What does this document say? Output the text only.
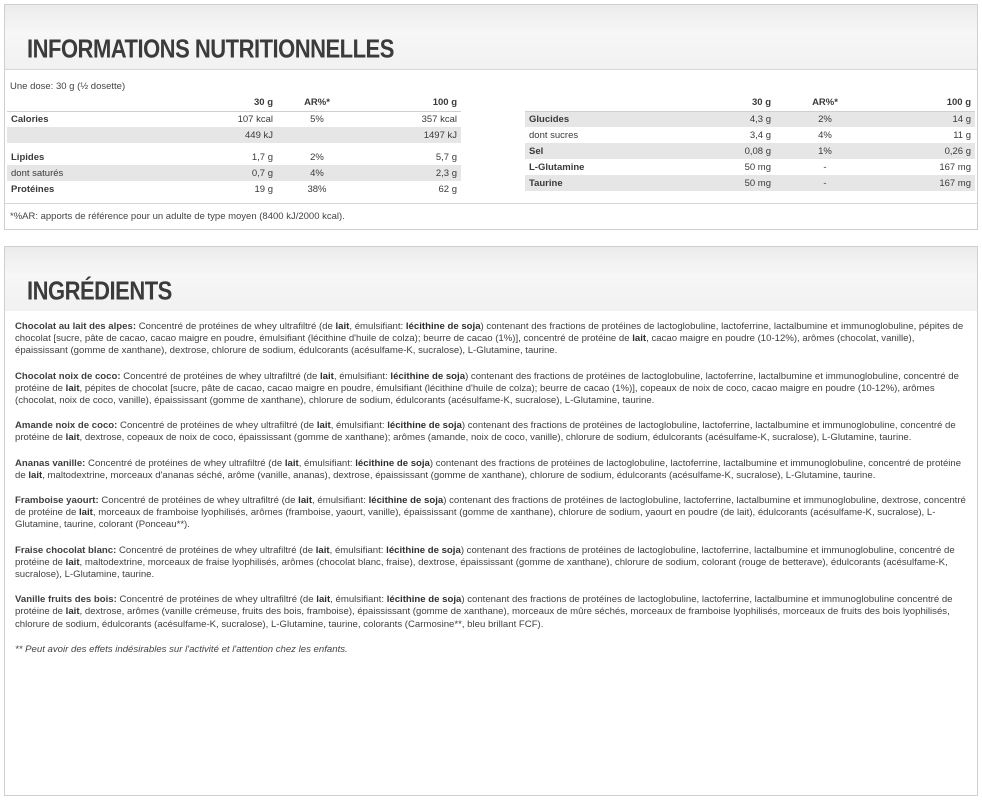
INFORMATIONS NUTRITIONNELLES
Une dose: 30 g (½ dosette)
	30 g	AR%*	100 g
Calories	107 kcal	5%	357 kcal
	449 kJ		1497 kJ

Lipides	1,7 g	2%	5,7 g
dont saturés	0,7 g	4%	2,3 g
Protéines	19 g	38%	62 g
	30 g	AR%*	100 g
Glucides	4,3 g	2%	14 g
dont sucres	3,4 g	4%	11 g
Sel	0,08 g	1%	0,26 g
L-Glutamine	50 mg	-	167 mg
Taurine	50 mg	-	167 mg
*%AR: apports de référence pour un adulte de type moyen (8400 kJ/2000 kcal).
INGRÉDIENTS

Chocolat au lait des alpes: Concentré de protéines de whey ultrafiltré (de lait, émulsifiant: lécithine de soja) contenant des fractions de protéines de lactoglobuline, lactoferrine, lactalbumine et immunoglobuline, pépites de chocolat [sucre, pâte de cacao, cacao maigre en poudre, émulsifiant (lécithine d'huile de colza); beurre de cacao (1%)], concentré de protéine de lait, cacao maigre en poudre (10-12%), arômes (chocolat, vanille), épaississant (gomme de xanthane), dextrose, chlorure de sodium, édulcorants (acésulfame-K, sucralose), L-Glutamine, taurine.

Chocolat noix de coco: Concentré de protéines de whey ultrafiltré (de lait, émulsifiant: lécithine de soja) contenant des fractions de protéines de lactoglobuline, lactoferrine, lactalbumine et immunoglobuline, concentré de protéine de lait, pépites de chocolat [sucre, pâte de cacao, cacao maigre en poudre, émulsifiant (lécithine d'huile de colza); beurre de cacao (1%)], copeaux de noix de coco, cacao maigre en poudre (10-12%), arômes (chocolat, noix de coco, vanille), épaississant (gomme de xanthane), chlorure de sodium, édulcorants (acésulfame-K, sucralose), L-Glutamine, taurine.

Amande noix de coco: Concentré de protéines de whey ultrafiltré (de lait, émulsifiant: lécithine de soja) contenant des fractions de protéines de lactoglobuline, lactoferrine, lactalbumine et immunoglobuline, concentré de protéine de lait, dextrose, copeaux de noix de coco, épaississant (gomme de xanthane); arômes (amande, noix de coco, vanille), chlorure de sodium, édulcorants (acésulfame-K, sucralose), L-Glutamine, taurine.

Ananas vanille: Concentré de protéines de whey ultrafiltré (de lait, émulsifiant: lécithine de soja) contenant des fractions de protéines de lactoglobuline, lactoferrine, lactalbumine et immunoglobuline, concentré de protéine de lait, maltodextrine, morceaux d'ananas séché, arôme (vanille, ananas), dextrose, épaississant (gomme de xanthane), chlorure de sodium, édulcorants (acésulfame-K, sucralose), L-Glutamine, taurine.

Framboise yaourt: Concentré de protéines de whey ultrafiltré (de lait, émulsifiant: lécithine de soja) contenant des fractions de protéines de lactoglobuline, lactoferrine, lactalbumine et immunoglobuline, dextrose, concentré de protéine de lait, morceaux de framboise lyophilisés, arômes (framboise, yaourt, vanille), épaississant (gomme de xanthane), chlorure de sodium, yaourt en poudre (de lait), édulcorants (acésulfame-K, sucralose), L-Glutamine, taurine, colorant (Ponceau**).

Fraise chocolat blanc: Concentré de protéines de whey ultrafiltré (de lait, émulsifiant: lécithine de soja) contenant des fractions de protéines de lactoglobuline, lactoferrine, lactalbumine et immunoglobuline, concentré de protéine de lait, maltodextrine, morceaux de fraise lyophilisés, arômes (chocolat blanc, fraise), dextrose, épaississant (gomme de xanthane), chlorure de sodium, colorant (rouge de betterave), édulcorants (acésulfame-K, sucralose), L-Glutamine, taurine.

Vanille fruits des bois: Concentré de protéines de whey ultrafiltré (de lait, émulsifiant: lécithine de soja) contenant des fractions de protéines de lactoglobuline, lactoferrine, lactalbumine et immunoglobuline concentré de protéine de lait, dextrose, arômes (vanille crémeuse, fruits des bois, framboise), épaississant (gomme de xanthane), morceaux de mûre séchés, morceaux de framboise lyophilisés, morceaux de fruits des bois lyophilisés, chlorure de sodium, édulcorants (acésulfame-K, sucralose), L-Glutamine, taurine, colorants (Carmosine**, bleu brillant FCF).

** Peut avoir des effets indésirables sur l'activité et l'attention chez les enfants.
